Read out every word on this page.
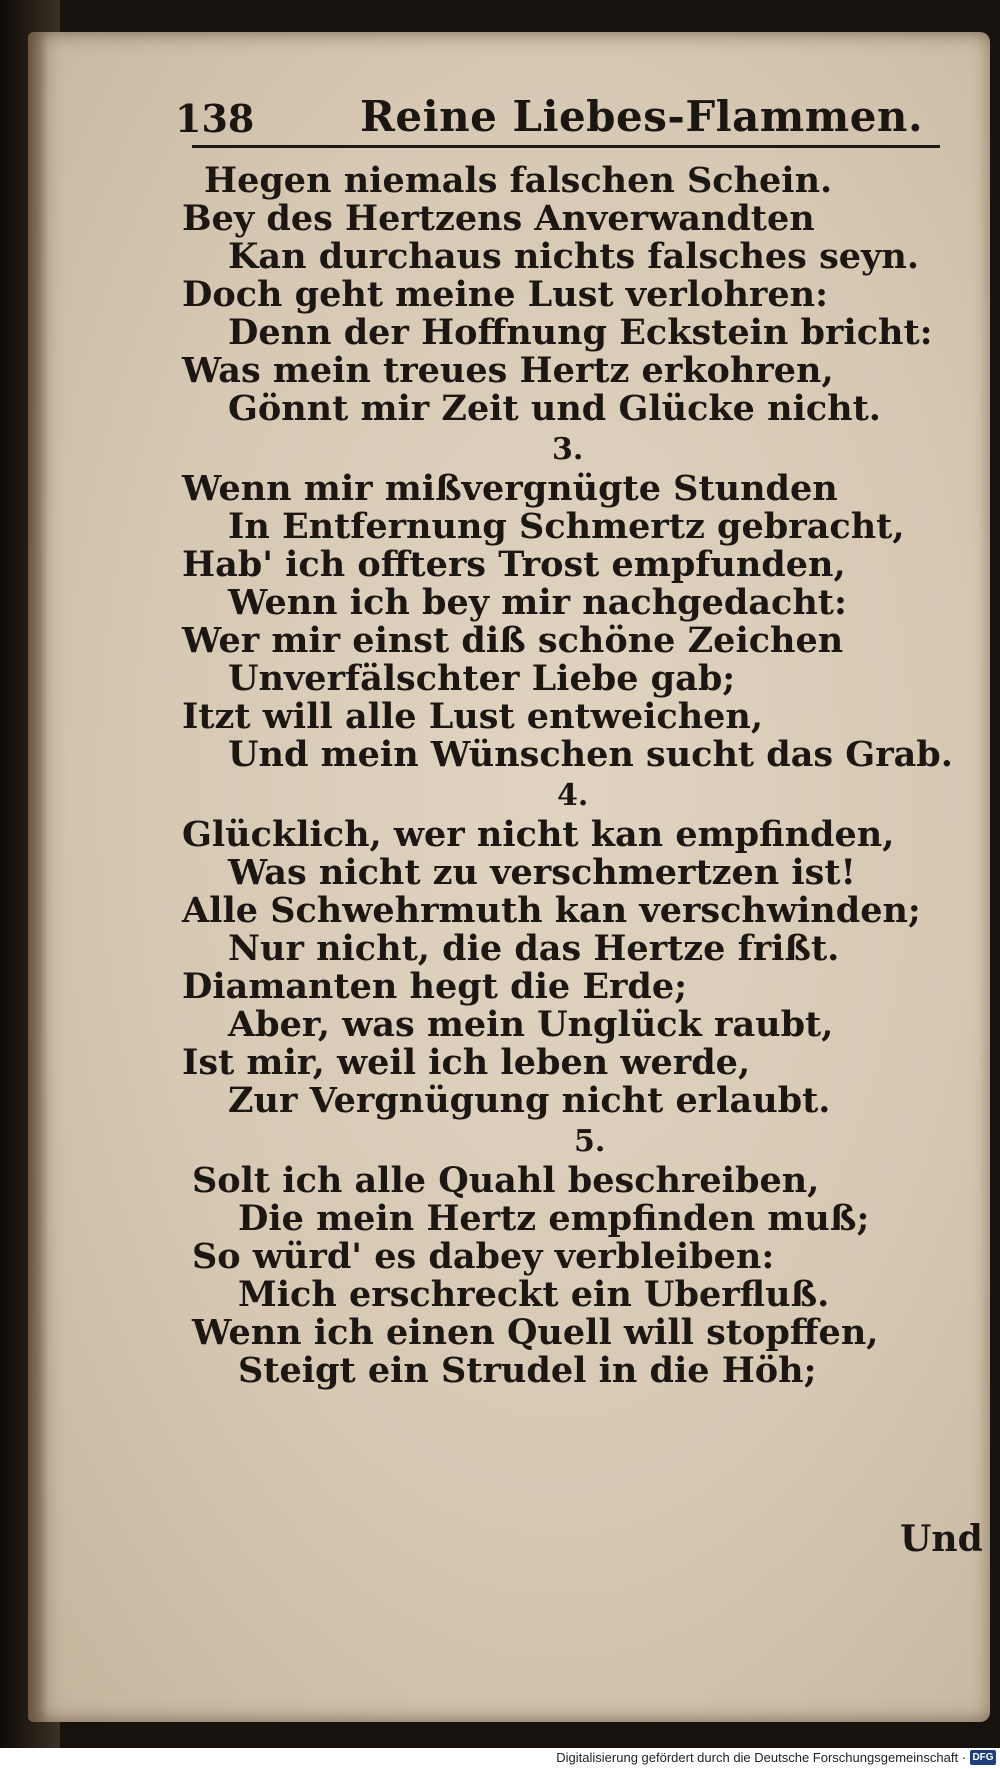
138	Reine Liebes-Flammen.
Hegen niemals falschen Schein.
Bey des Hertzens Anverwandten
Kan durchaus nichts falsches seyn.
Doch geht meine Lust verlohren:
Denn der Hoffnung Eckstein bricht:
Was mein treues Hertz erkohren,
Gönnt mir Zeit und Glücke nicht.
3.
Wenn mir mißvergnügte Stunden
In Entfernung Schmertz gebracht,
Hab' ich offters Trost empfunden,
Wenn ich bey mir nachgedacht:
Wer mir einst diß schöne Zeichen
Unverfälschter Liebe gab;
Itzt will alle Lust entweichen,
Und mein Wünschen sucht das Grab.
4.
Glücklich, wer nicht kan empfinden,
Was nicht zu verschmertzen ist!
Alle Schwehrmuth kan verschwinden;
Nur nicht, die das Hertze frißt.
Diamanten hegt die Erde;
Aber, was mein Unglück raubt,
Ist mir, weil ich leben werde,
Zur Vergnügung nicht erlaubt.
5.
Solt ich alle Quahl beschreiben,
Die mein Hertz empfinden muß;
So würd' es dabey verbleiben:
Mich erschreckt ein Uberfluß.
Wenn ich einen Quell will stopffen,
Steigt ein Strudel in die Höh;
Und
Digitalisierung gefördert durch die Deutsche Forschungsgemeinschaft · DFG
